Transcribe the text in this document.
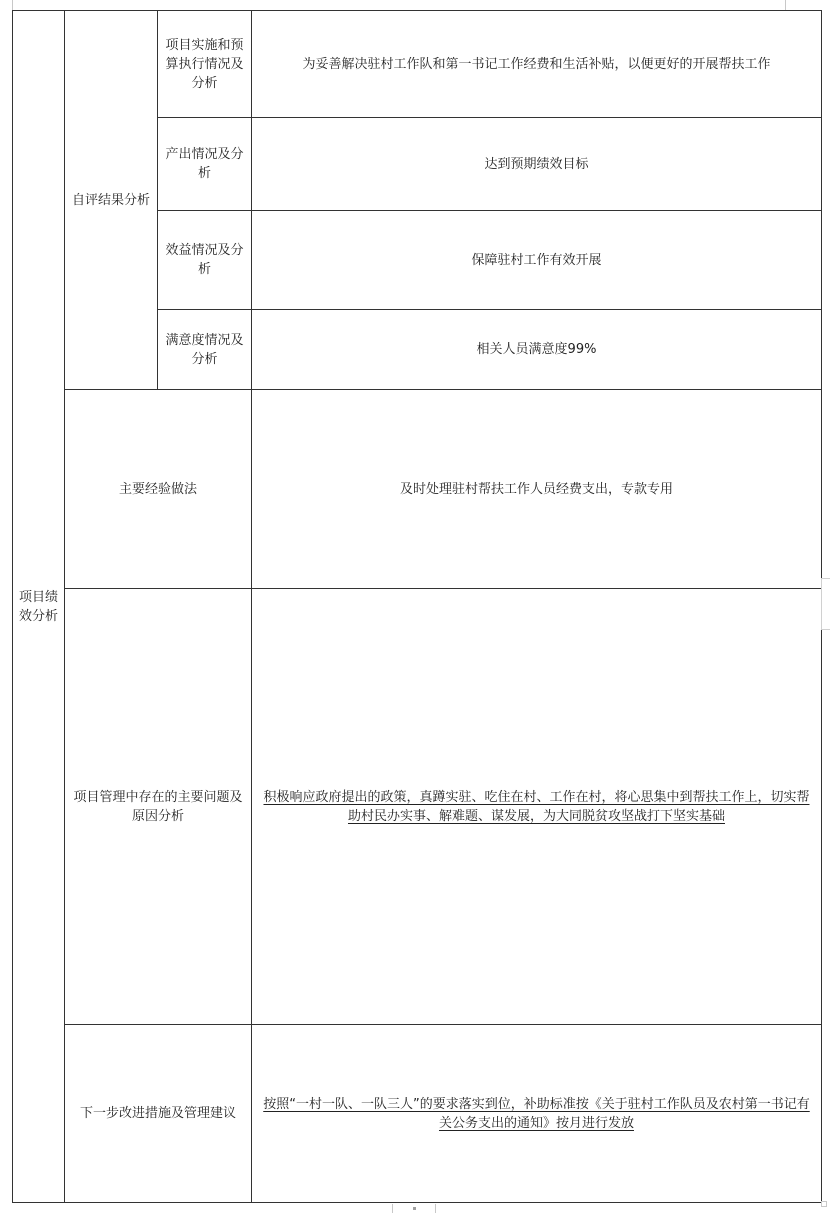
项目绩效分析	自评结果分析	项目实施和预算执行情况及分析	为妥善解决驻村工作队和第一书记工作经费和生活补贴，以便更好的开展帮扶工作
		产出情况及分析	达到预期绩效目标
		效益情况及分析	保障驻村工作有效开展
		满意度情况及分析	相关人员满意度99%
	主要经验做法		及时处理驻村帮扶工作人员经费支出，专款专用
	项目管理中存在的主要问题及原因分析		积极响应政府提出的政策，真蹲实驻、吃住在村、工作在村，将心思集中到帮扶工作上，切实帮助村民办实事、解难题、谋发展，为大同脱贫攻坚战打下坚实基础
	下一步改进措施及管理建议		按照“一村一队、一队三人”的要求落实到位，补助标准按《关于驻村工作队员及农村第一书记有关公务支出的通知》按月进行发放
